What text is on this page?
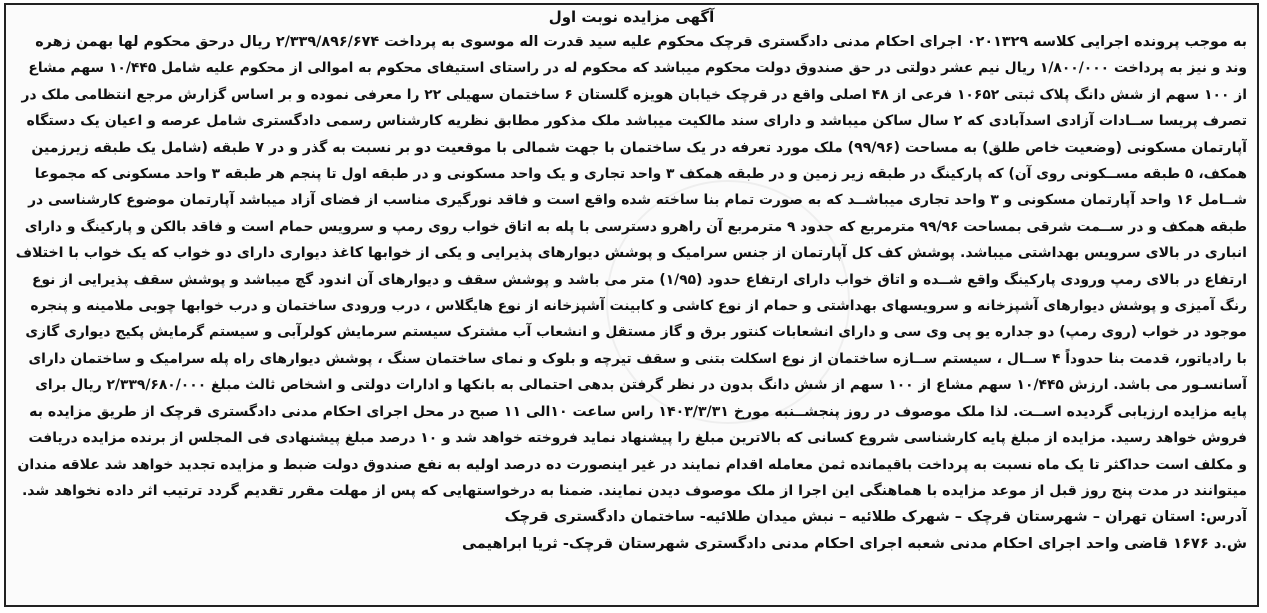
آگهی مزایده نوبت اول
به موجب پرونده اجرایی کلاسه ۰۲۰۱۳۲۹ اجرای احکام مدنی دادگستری قرچک محکوم علیه سید قدرت اله موسوی به پرداخت ۲/۳۳۹/۸۹۶/۶۷۴ ریال درحق محکوم لها بهمن زهره
وند و نیز به پرداخت ۱/۸۰۰/۰۰۰ ریال نیم عشر دولتی در حق صندوق دولت محکوم میباشد که محکوم له در راستای استیفای محکوم به اموالی از محکوم علیه شامل ۱۰/۴۴۵ سهم مشاع
از ۱۰۰ سهم از شش دانگ پلاک ثبتی ۱۰۶۵۲ فرعی از ۴۸ اصلی واقع در قرچک خیابان هویزه گلستان ۶ ساختمان سهیلی ۲۲ را معرفی نموده و بر اساس گزارش مرجع انتظامی ملک در
تصرف پریسا ســادات آزادی اسدآبادی که ۲ سال ساکن میباشد و دارای سند مالکیت میباشد ملک مذکور مطابق نظریه کارشناس رسمی دادگستری شامل عرصه و اعیان یک دستگاه
آپارتمان مسکونی (وضعیت خاص طلق) به مساحت (۹۹/۹۶) ملک مورد تعرفه در یک ساختمان با جهت شمالی با موقعیت دو بر نسبت به گذر و در ۷ طبقه (شامل یک طبقه زیرزمین
همکف، ۵ طبقه مســکونی روی آن) که پارکینگ در طبقه زیر زمین و در طبقه همکف ۳ واحد تجاری و یک واحد مسکونی و در طبقه اول تا پنجم هر طبقه ۳ واحد مسکونی که مجموعا
شــامل ۱۶ واحد آپارتمان مسکونی و ۳ واحد تجاری میباشــد که به صورت تمام بنا ساخته شده واقع است و فاقد نورگیری مناسب از فضای آزاد میباشد آپارتمان موضوع کارشناسی در
طبقه همکف و در ســمت شرقی بمساحت ۹۹/۹۶ مترمربع که حدود ۹ مترمربع آن راهرو دسترسی با پله به اتاق خواب روی رمپ و سرویس حمام است و فاقد بالکن و پارکینگ و دارای
انباری در بالای سرویس بهداشتی میباشد. پوشش کف کل آپارتمان از جنس سرامیک و پوشش دیوارهای پذیرایی و یکی از خوابها کاغذ دیواری دارای دو خواب که یک خواب با اختلاف
ارتفاع در بالای رمپ ورودی پارکینگ واقع شــده و اتاق خواب دارای ارتفاع حدود (۱/۹۵) متر می باشد و پوشش سقف و دیوارهای آن اندود گچ میباشد و پوشش سقف پذیرایی از نوع
رنگ آمیزی و پوشش دیوارهای آشپزخانه و سرویسهای بهداشتی و حمام از نوع کاشی و کابینت آشپزخانه از نوع هایگلاس ، درب ورودی ساختمان و درب خوابها چوبی ملامینه و پنجره
موجود در خواب (روی رمپ) دو جداره یو پی وی سی و دارای انشعابات کنتور برق و گاز مستقل و انشعاب آب مشترک سیستم سرمایش کولرآبی و سیستم گرمایش پکیج دیواری گازی
با رادیاتور، قدمت بنا حدوداً ۴ ســال ، سیستم ســازه ساختمان از نوع اسکلت بتنی و سقف تیرچه و بلوک و نمای ساختمان سنگ ، پوشش دیوارهای راه پله سرامیک و ساختمان دارای
آسانسـور می باشد. ارزش ۱۰/۴۴۵ سهم مشاع از ۱۰۰ سهم از شش دانگ بدون در نظر گرفتن بدهی احتمالی به بانکها و ادارات دولتی و اشخاص ثالث مبلغ ۲/۳۳۹/۶۸۰/۰۰۰ ریال برای
پایه مزایده ارزیابی گردیده اســت. لذا ملک موصوف در روز پنجشــنبه مورخ ۱۴۰۳/۳/۳۱ راس ساعت ۱۰الی ۱۱ صبح در محل اجرای احکام مدنی دادگستری قرچک از طریق مزایده به
فروش خواهد رسید. مزایده از مبلغ پایه کارشناسی شروع کسانی که بالاترین مبلغ را پیشنهاد نماید فروخته خواهد شد و ۱۰ درصد مبلغ پیشنهادی فی المجلس از برنده مزایده دریافت
و مکلف است حداکثر تا یک ماه نسبت به پرداخت باقیمانده ثمن معامله اقدام نمایند در غیر اینصورت ده درصد اولیه به نفع صندوق دولت ضبط و مزایده تجدید خواهد شد علاقه مندان
میتوانند در مدت پنج روز قبل از موعد مزایده با هماهنگی این اجرا از ملک موصوف دیدن نمایند. ضمنا به درخواستهایی که پس از مهلت مقرر تقدیم گردد ترتیب اثر داده نخواهد شد.
آدرس: استان تهران – شهرستان قرچک – شهرک طلائیه – نبش میدان طلائیه- ساختمان دادگستری قرچک
ش.د ۱۶۷۶ قاضی واحد اجرای احکام مدنی شعبه اجرای احکام مدنی دادگستری شهرستان قرچک- ثریا ابراهیمی
